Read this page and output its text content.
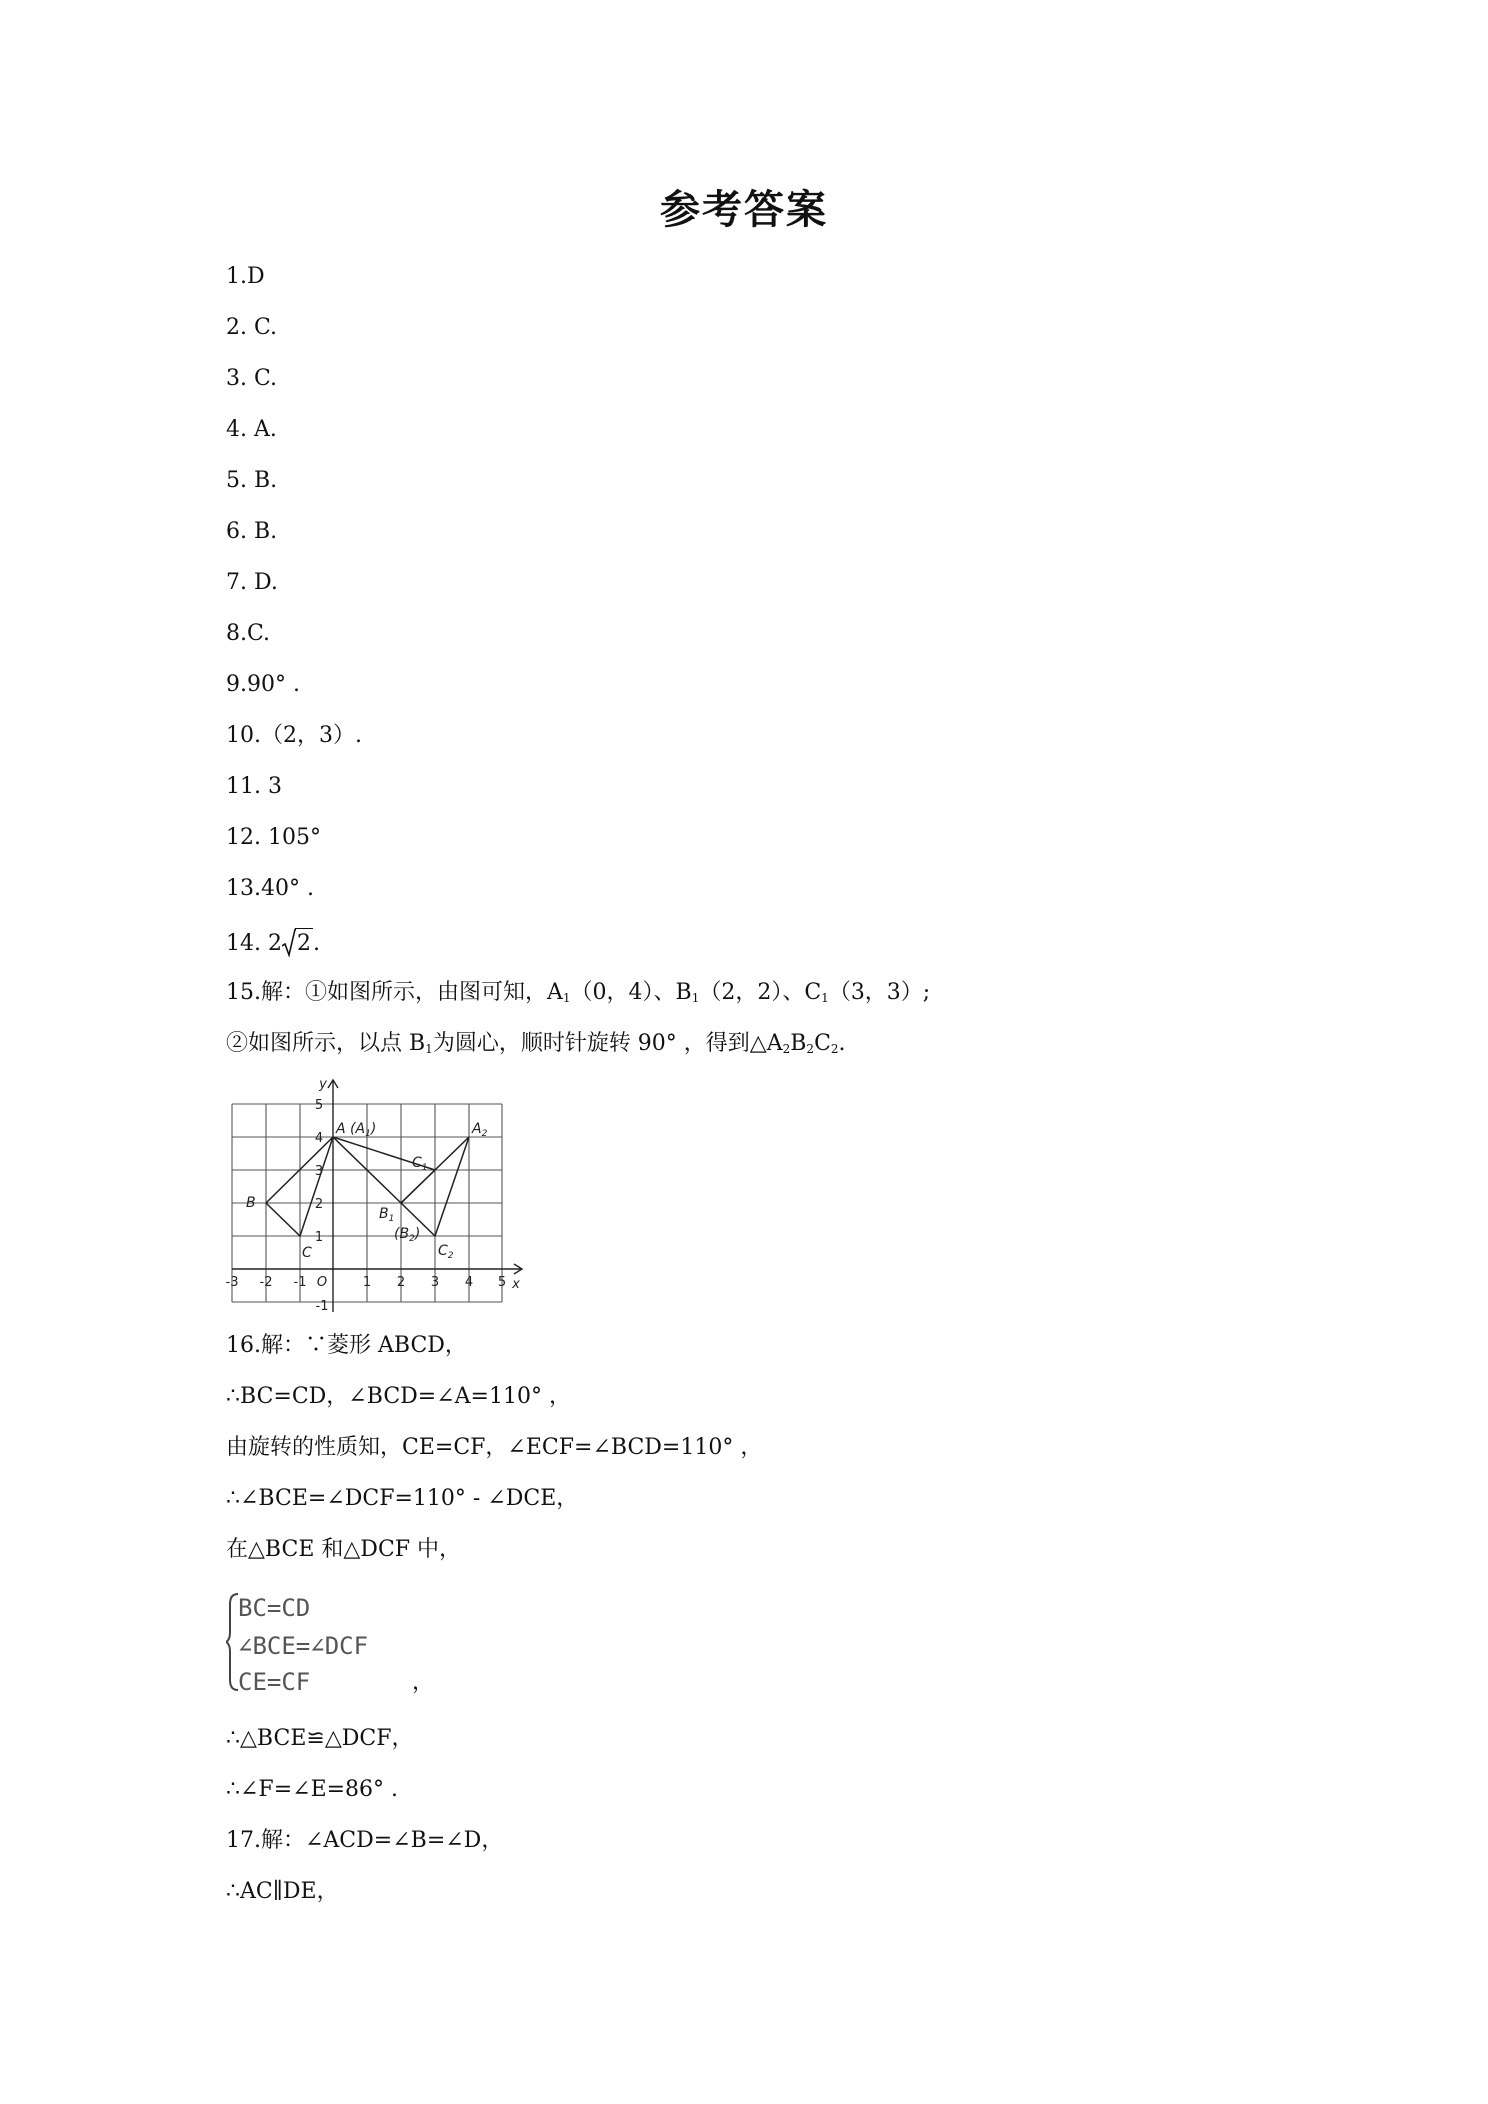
参考答案
1.D
2. C.
3. C.
4. A.
5. B.
6. B.
7. D.
8.C.
9.90° .
10.（2，3）.
11. 3
12. 105°
13.40° .
14. 2 2.
15.解：①如图所示，由图可知，$A_1(0$，4）、$B_1(2$，2）、$C_1(3$，3）;
②如图所示，以点 $B_1$为圆心，顺时针旋转 90° ，得到$\triangle A_2B_2C_2$.
-3 -2 -1 O	1 2 3 4 5 x
5
4
3
2
1
-1
y
A $(A_1)$
B
C
$C_1$
$A_2$
$B_1$
$(B_2)$
$C_2$
16.解：∵菱形 ABCD，
∴BC=CD，∠BCD=∠A=110° ，
由旋转的性质知，CE=CF，∠ECF=∠BCD=110° ，
∴∠BCE=∠DCF=110° - ∠DCE，
在△BCE 和△DCF 中，
BC=CD
∠BCE=∠DCF
CE=CF	，
∴△BCE≌△DCF，
∴∠F=∠E=86° .
17.解：∠ACD=∠B=∠D，
∴AC∥DE，
